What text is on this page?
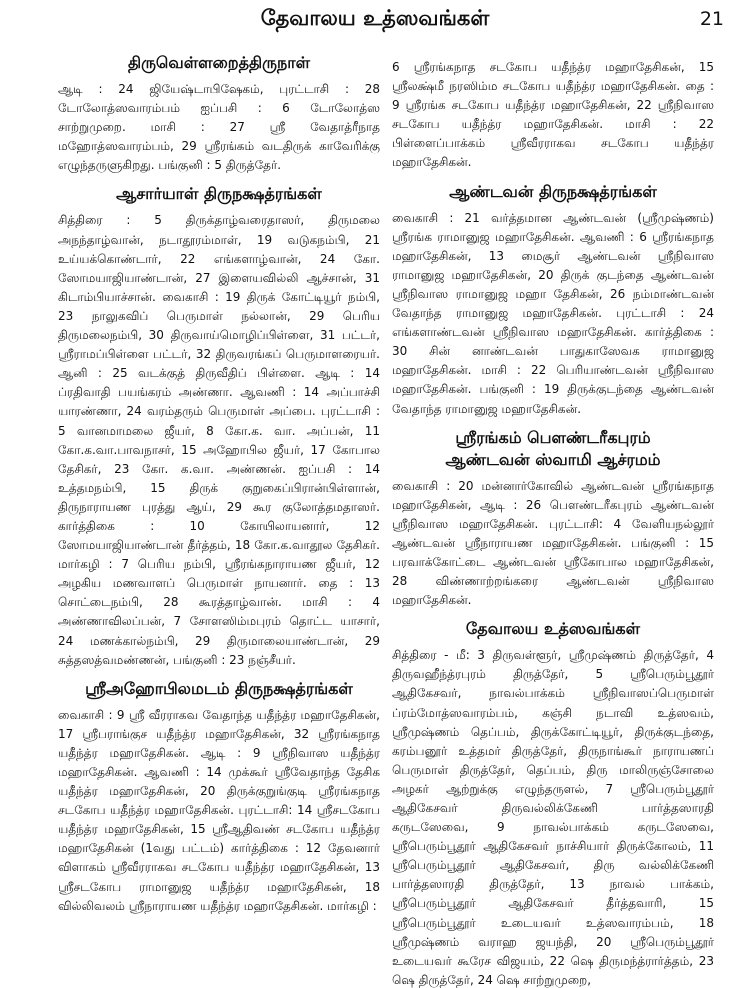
தேவாலய உத்ஸவங்கள்	21
திருவெள்ளறைத்திருநாள்

ஆடி : 24 ஜியேஷ்டாபிஷேகம், புரட்டாசி : 28 டோலோத்ஸவாரம்பம் ஐப்பசி : 6 டோலோத்ஸ சாற்றுமுறை. மாசி : 27 ஸ்ரீ வேதாத்ரீநாத மஹோத்ஸவாரம்பம், 29 ஸ்ரீரங்கம் வடதிருக் காவேரிக்கு எழுந்தருளுகிறது. பங்குனி : 5 திருத்தேர்.

ஆசார்யாள் திருநக்ஷத்ரங்கள்

சித்திரை : 5 திருக்தாழ்வரைதாஸர், திருமலை அநந்தாழ்வான், நடாதூரம்மாள், 19 வடுகநம்பி, 21 உய்யக்கொண்டார், 22 எங்களாழ்வான், 24 கோ. ஸோமயாஜியாண்டான், 27 இளையவில்லி ஆச்சான், 31 கிடாம்பியாச்சான். வைகாசி : 19 திருக் கோட்டியூர் நம்பி, 23 நாலுகவிப் பெருமாள் நல்லான், 29 பெரிய திருமலைநம்பி, 30 திருவாய்மொழிப்பிள்ளை, 31 பட்டர், ஸ்ரீராமப்பிள்ளை பட்டர், 32 திருவரங்கப் பெருமாளரையர். ஆனி : 25 வடக்குத் திருவீதிப் பிள்ளை. ஆடி : 14 ப்ரதிவாதி பயங்கரம் அண்ணா. ஆவணி : 14 அப்பாச்சி யாரண்ணா, 24 வரம்தரும் பெருமாள் அப்பை. புரட்டாசி : 5 வானமாமலை ஜீயர், 8 கோ.க. வா. அப்பன், 11 கோ.க.வா.பாவநாசர், 15 அஹோபில ஜீயர், 17 கோபால தேசிகர், 23 கோ. க.வா. அண்ணன். ஐப்பசி : 14 உத்தமநம்பி, 15 திருக் குறுகைப்பிரான்பிள்ளான், திருநாராயண புரத்து ஆய், 29 கூர குலோத்தமதாஸர். கார்த்திகை : 10 கோயிலாயனார், 12 ஸோமயாஜியாண்டான் தீர்த்தம், 18 கோ.க.வாதூல தேசிகர். மார்கழி : 7 பெரிய நம்பி, ஸ்ரீரங்கநாராயண ஜீயர், 12 அழகிய மணவாளப் பெருமாள் நாயனார். தை : 13 சொட்டைநம்பி, 28 கூரத்தாழ்வான். மாசி : 4 அண்ணாவிலப்பன், 7 சோளஸிம்மபுரம் தொட்ட யாசார், 24 மணக்கால்நம்பி, 29 திருமாலையாண்டான், 29 சுத்தஸத்வமண்ணன், பங்குனி : 23 நஞ்சீயர்.

ஸ்ரீஅஹோபிலமடம் திருநக்ஷத்ரங்கள்

வைகாசி : 9 ஸ்ரீ வீரராகவ வேதாந்த யதீந்த்ர மஹாதேசிகன், 17 ஸ்ரீபராங்குச யதீந்த்ர மஹாதேசிகன், 32 ஸ்ரீரங்கநாத யதீந்த்ர மஹாதேசிகன். ஆடி : 9 ஸ்ரீநிவாஸ யதீந்த்ர மஹாதேசிகன். ஆவணி : 14 முக்கூர் ஸ்ரீவேதாந்த தேசிக யதீந்த்ர மஹாதேசிகன், 20 திருக்குறுங்குடி ஸ்ரீரங்கநாத சடகோப யதீந்த்ர மஹாதேசிகன். புரட்டாசி: 14 ஸ்ரீசடகோப யதீந்த்ர மஹாதேசிகன், 15 ஸ்ரீஆதிவண் சடகோப யதீந்த்ர மஹாதேசிகன் (1வது பட்டம்) கார்த்திகை : 12 தேவனார் விளாகம் ஸ்ரீவீரராகவ சடகோப யதீந்த்ர மஹாதேசிகன், 13 ஸ்ரீசடகோப ராமானுஜ யதீந்த்ர மஹாதேசிகன், 18 வில்லிவலம் ஸ்ரீநாராயண யதீந்த்ர மஹாதேசிகன். மார்கழி :

6 ஸ்ரீரங்கநாத சடகோப யதீந்த்ர மஹாதேசிகன், 15 ஸ்ரீலக்ஷ்மீ நரஸிம்ம சடகோப யதீந்த்ர மஹாதேசிகன். தை : 9 ஸ்ரீரங்க சடகோப யதீந்த்ர மஹாதேசிகன், 22 ஸ்ரீநிவாஸ சடகோப யதீந்த்ர மஹாதேசிகன். மாசி : 22 பிள்ளைப்பாக்கம் ஸ்ரீவீரராகவ சடகோப யதீந்த்ர மஹாதேசிகன்.

ஆண்டவன் திருநக்ஷத்ரங்கள்

வைகாசி : 21 வர்த்தமான ஆண்டவன் (ஸ்ரீமுஷ்ணம்) ஸ்ரீரங்க ராமானுஜ மஹாதேசிகன். ஆவணி : 6 ஸ்ரீரங்கநாத மஹாதேசிகன், 13 மைசூர் ஆண்டவன் ஸ்ரீநிவாஸ ராமானுஜ மஹாதேசிகன், 20 திருக் குடந்தை ஆண்டவன் ஸ்ரீநிவாஸ ராமானுஜ மஹா தேசிகன், 26 நம்மாண்டவன் வேதாந்த ராமானுஜ மஹாதேசிகன். புரட்டாசி : 24 எங்களாண்டவன் ஸ்ரீநிவாஸ மஹாதேசிகன். கார்த்திகை : 30 சின் னாண்டவன் பாதுகாஸேவக ராமானுஜ மஹாதேசிகன். மாசி : 22 பெரியாண்டவன் ஸ்ரீநிவாஸ மஹாதேசிகன். பங்குனி : 19 திருக்குடந்தை ஆண்டவன் வேதாந்த ராமானுஜ மஹாதேசிகன்.

ஸ்ரீரங்கம் பௌண்டரீகபுரம்
ஆண்டவன் ஸ்வாமி ஆச்ரமம்

வைகாசி : 20 மன்னார்கோவில் ஆண்டவன் ஸ்ரீரங்கநாத மஹாதேசிகன், ஆடி : 26 பௌண்டரீகபுரம் ஆண்டவன் ஸ்ரீநிவாஸ மஹாதேசிகன். புரட்டாசி: 4 வேளியநல்லூர் ஆண்டவன் ஸ்ரீநாராயண மஹாதேசிகன். பங்குனி : 15 பரவாக்கோட்டை ஆண்டவன் ஸ்ரீகோபால மஹாதேசிகன், 28 விண்ணாற்றங்கரை ஆண்டவன் ஸ்ரீநிவாஸ மஹாதேசிகன்.

தேவாலய உத்ஸவங்கள்

சித்திரை - மீ: 3 திருவள்ளூர், ஸ்ரீமுஷ்ணம் திருத்தேர், 4 திருவஹீந்த்ரபுரம் திருத்தேர், 5 ஸ்ரீபெரும்பூதூர் ஆதிகேசவர், நாவல்பாக்கம் ஸ்ரீநிவாஸப்பெருமாள் ப்ரம்மோத்ஸவாரம்பம், கஞ்சி நடாவி உத்ஸவம், ஸ்ரீமுஷ்ணம் தெப்பம், திருக்கோட்டியூர், திருக்குடந்தை, கரம்பனூர் உத்தமர் திருத்தேர், திருநாங்கூர் நாராயணப் பெருமாள் திருத்தேர், தெப்பம், திரு மாலிருஞ்சோலை அழகர் ஆற்றுக்கு எழுந்தருளல், 7 ஸ்ரீபெரும்பூதூர் ஆதிகேசவர் திருவல்லிக்கேணி பார்த்தஸாரதி கருடஸேவை, 9 நாவல்பாக்கம் கருடஸேவை, ஸ்ரீபெரும்பூதூர் ஆதிகேசவர் நாச்சியார் திருக்கோலம், 11 ஸ்ரீபெரும்பூதூர் ஆதிகேசவர், திரு வல்லிக்கேணி பார்த்தஸாரதி திருத்தேர், 13 நாவல் பாக்கம், ஸ்ரீபெரும்பூதூர் ஆதிகேசவர் தீர்த்தவாரி, 15 ஸ்ரீபெரும்பூதூர் உடையவர் உத்ஸவாரம்பம், 18 ஸ்ரீமுஷ்ணம் வராஹ ஜயந்தி, 20 ஸ்ரீபெரும்பூதூர் உடையவர் கூரேச விஜயம், 22 ஷெ திருமந்த்ரார்த்தம், 23 ஷெ திருத்தேர், 24 ஷெ சாற்றுமுறை,
